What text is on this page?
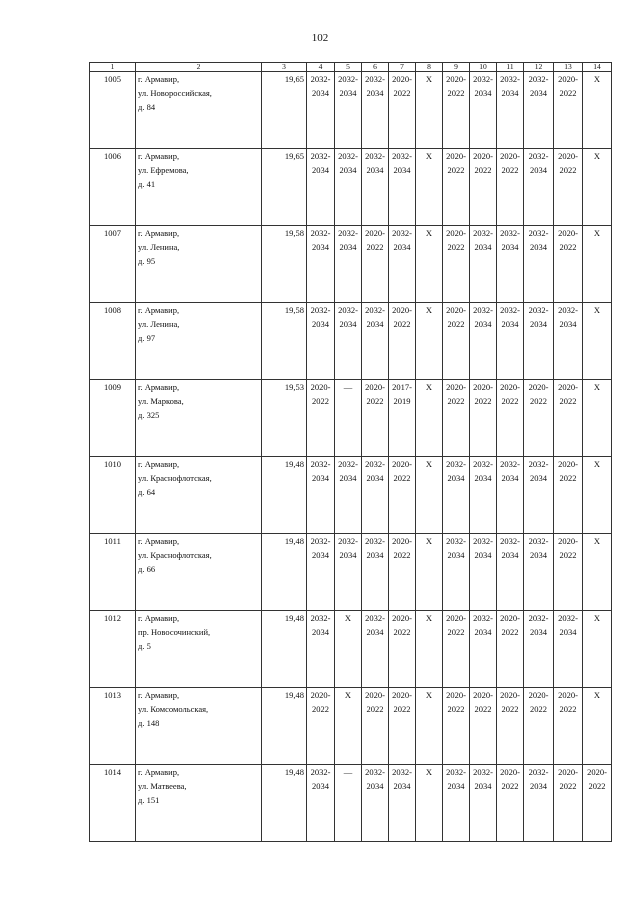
102
1	2	3	4	5	6	7	8	9	10	11	12	13	14
1005	г. Армавир,
ул. Новороссийская,
д. 84	19,65	2032-2034	2032-2034	2032-2034	2020-2022	X	2020-2022	2032-2034	2032-2034	2032-2034	2020-2022	X
1006	г. Армавир,
ул. Ефремова,
д. 41	19,65	2032-2034	2032-2034	2032-2034	2032-2034	X	2020-2022	2020-2022	2020-2022	2032-2034	2020-2022	X
1007	г. Армавир,
ул. Ленина,
д. 95	19,58	2032-2034	2032-2034	2020-2022	2032-2034	X	2020-2022	2032-2034	2032-2034	2032-2034	2020-2022	X
1008	г. Армавир,
ул. Ленина,
д. 97	19,58	2032-2034	2032-2034	2032-2034	2020-2022	X	2020-2022	2032-2034	2032-2034	2032-2034	2032-2034	X
1009	г. Армавир,
ул. Маркова,
д. 325	19,53	2020-2022	—	2020-2022	2017-2019	X	2020-2022	2020-2022	2020-2022	2020-2022	2020-2022	X
1010	г. Армавир,
ул. Краснофлотская,
д. 64	19,48	2032-2034	2032-2034	2032-2034	2020-2022	X	2032-2034	2032-2034	2032-2034	2032-2034	2020-2022	X
1011	г. Армавир,
ул. Краснофлотская,
д. 66	19,48	2032-2034	2032-2034	2032-2034	2020-2022	X	2032-2034	2032-2034	2032-2034	2032-2034	2020-2022	X
1012	г. Армавир,
пр. Новосочинский,
д. 5	19,48	2032-2034	X	2032-2034	2020-2022	X	2020-2022	2032-2034	2020-2022	2032-2034	2032-2034	X
1013	г. Армавир,
ул. Комсомольская,
д. 148	19,48	2020-2022	X	2020-2022	2020-2022	X	2020-2022	2020-2022	2020-2022	2020-2022	2020-2022	X
1014	г. Армавир,
ул. Матвеева,
д. 151	19,48	2032-2034	—	2032-2034	2032-2034	X	2032-2034	2032-2034	2020-2022	2032-2034	2020-2022	2020-2022
